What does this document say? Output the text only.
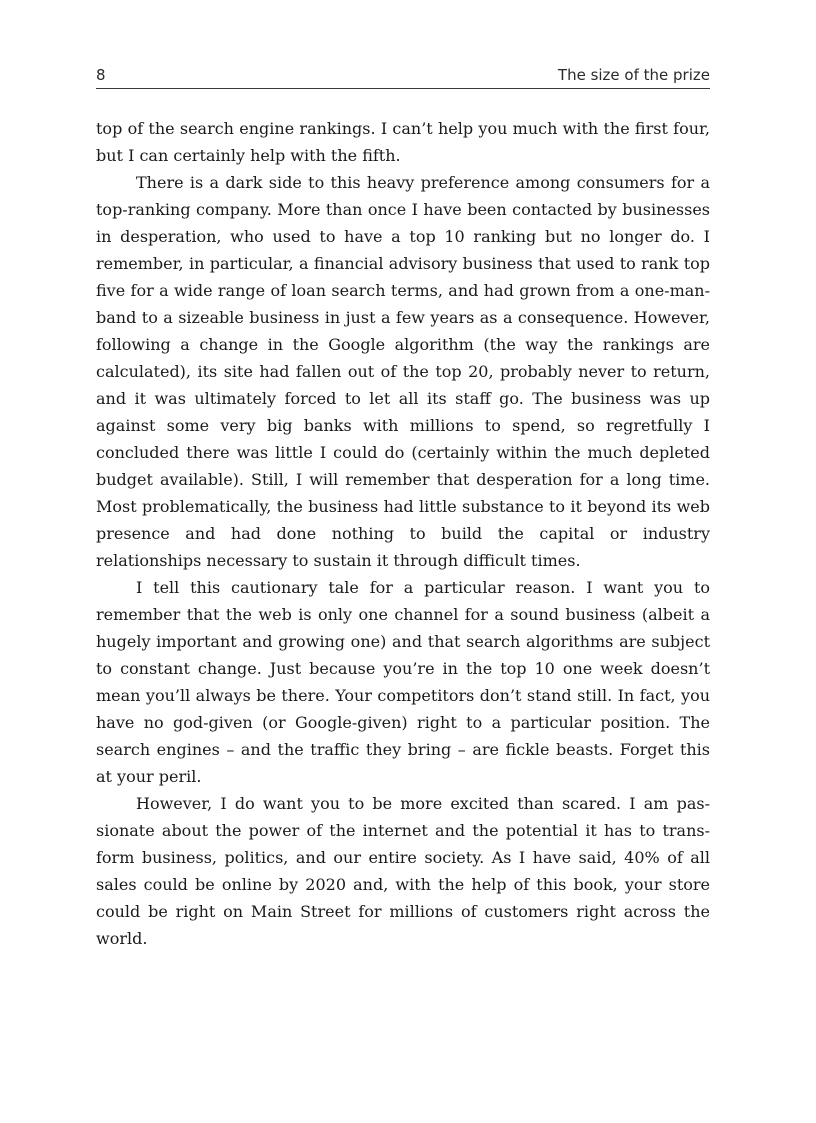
8	The size of the prize

top of the search engine rankings. I can’t help you much with the first four, but I can certainly help with the fifth.

There is a dark side to this heavy preference among consumers for a top-ranking company. More than once I have been contacted by businesses in desperation, who used to have a top 10 ranking but no longer do. I remember, in particular, a financial advisory business that used to rank top five for a wide range of loan search terms, and had grown from a one-man-band to a sizeable business in just a few years as a consequence. However, following a change in the Google algorithm (the way the rankings are calculated), its site had fallen out of the top 20, probably never to return, and it was ultimately forced to let all its staff go. The business was up against some very big banks with millions to spend, so regretfully I concluded there was little I could do (certainly within the much depleted budget available). Still, I will remember that desperation for a long time. Most problematically, the business had little substance to it beyond its web presence and had done nothing to build the capital or industry relationships necessary to sustain it through difficult times.

I tell this cautionary tale for a particular reason. I want you to remember that the web is only one channel for a sound business (albeit a hugely important and growing one) and that search algorithms are subject to constant change. Just because you’re in the top 10 one week doesn’t mean you’ll always be there. Your competitors don’t stand still. In fact, you have no god-given (or Google-given) right to a particular position. The search engines – and the traffic they bring – are fickle beasts. Forget this at your peril.

However, I do want you to be more excited than scared. I am passionate about the power of the internet and the potential it has to transform business, politics, and our entire society. As I have said, 40% of all sales could be online by 2020 and, with the help of this book, your store could be right on Main Street for millions of customers right across the world.
